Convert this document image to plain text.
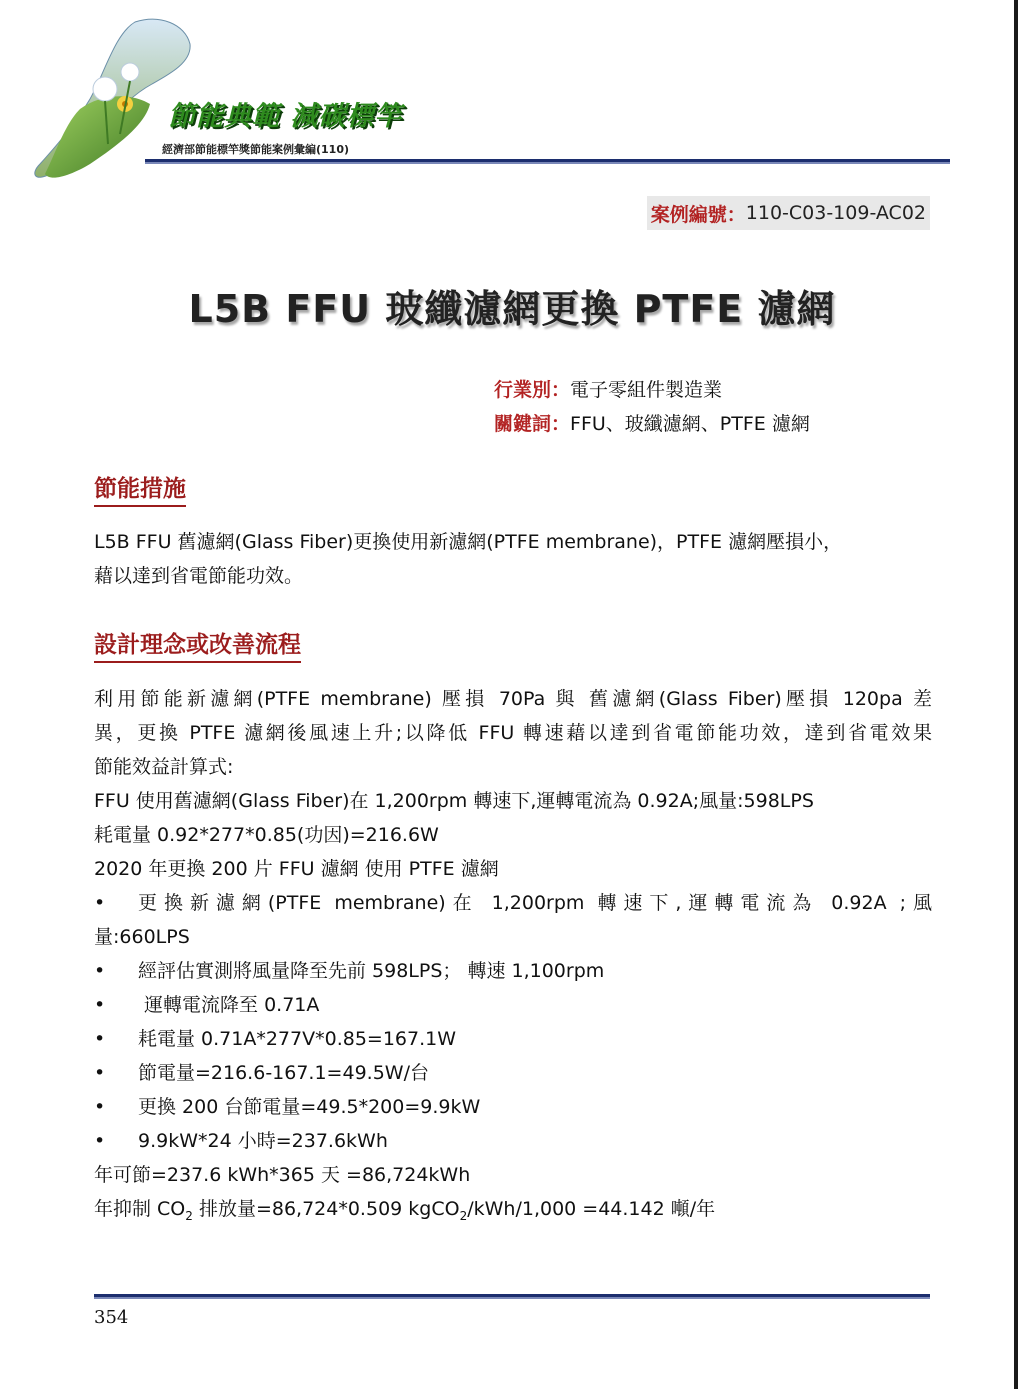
節能典範 減碳標竿
經濟部節能標竿獎節能案例彙編(110)
案例編號： 110-C03-109-AC02
L5B FFU 玻纖濾網更換 PTFE 濾網
行業別：電子零組件製造業
關鍵詞：FFU、玻纖濾網、PTFE 濾網
節能措施
L5B FFU 舊濾網(Glass Fiber)更換使用新濾網(PTFE membrane)，PTFE 濾網壓損小，
藉以達到省電節能功效。
設計理念或改善流程
利用節能新濾網(PTFE membrane) 壓損 70Pa 與 舊濾網(Glass Fiber)壓損 120pa 差
異，更換 PTFE 濾網後風速上升;以降低 FFU 轉速藉以達到省電節能功效，達到省電效果
節能效益計算式:
FFU 使用舊濾網(Glass Fiber)在 1,200rpm 轉速下,運轉電流為 0.92A;風量:598LPS
耗電量 0.92*277*0.85(功因)=216.6W
2020 年更換 200 片 FFU 濾網 使用 PTFE 濾網
•	更換新濾網(PTFE membrane)在 1,200rpm 轉速下,運轉電流為 0.92A ;風
量:660LPS
•	經評估實測將風量降至先前 598LPS； 轉速 1,100rpm
•	運轉電流降至 0.71A
•	耗電量 0.71A*277V*0.85=167.1W
•	節電量=216.6-167.1=49.5W/台
•	更換 200 台節電量=49.5*200=9.9kW
•	9.9kW*24 小時=237.6kWh
年可節=237.6 kWh*365 天 =86,724kWh
年抑制 $CO_2$ 排放量=86,724*0.509 kgCO$_2$/kWh/1,000 =44.142 噸/年
354
